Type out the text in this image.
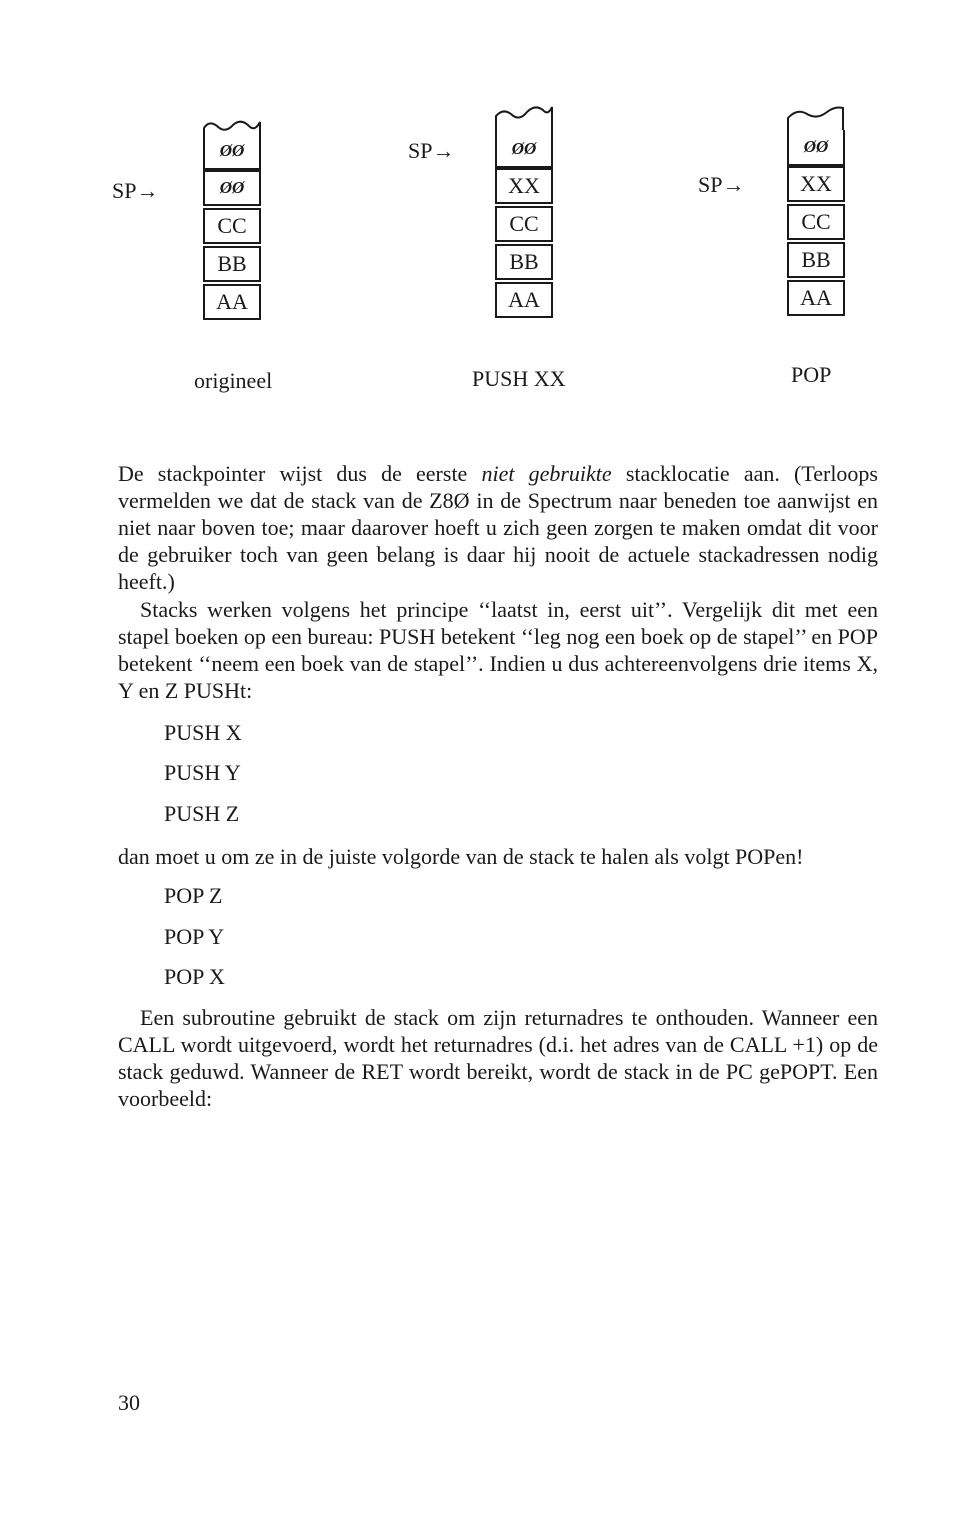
SP→
ØØ
ØØ
CC
BB
AA
origineel
SP→	ØØ
XX
CC
BB
AA
PUSH XX
SP→
ØØ
XX
CC
BB
AA
POP

De stackpointer wijst dus de eerste niet gebruikte stacklocatie aan. (Terloops vermelden we dat de stack van de Z8Ø in de Spectrum naar beneden toe aanwijst en niet naar boven toe; maar daarover hoeft u zich geen zorgen te maken omdat dit voor de gebruiker toch van geen belang is daar hij nooit de actuele stackadressen nodig heeft.)

Stacks werken volgens het principe ‘‘laatst in, eerst uit’’. Vergelijk dit met een stapel boeken op een bureau: PUSH betekent ‘‘leg nog een boek op de stapel’’ en POP betekent ‘‘neem een boek van de stapel’’. Indien u dus achtereenvolgens drie items X, Y en Z PUSHt:

PUSH X
PUSH Y
PUSH Z

dan moet u om ze in de juiste volgorde van de stack te halen als volgt POPen!

POP Z
POP Y
POP X

Een subroutine gebruikt de stack om zijn returnadres te onthouden. Wanneer een CALL wordt uitgevoerd, wordt het returnadres (d.i. het adres van de CALL +1) op de stack geduwd. Wanneer de RET wordt bereikt, wordt de stack in de PC gePOPT. Een voorbeeld:

30
